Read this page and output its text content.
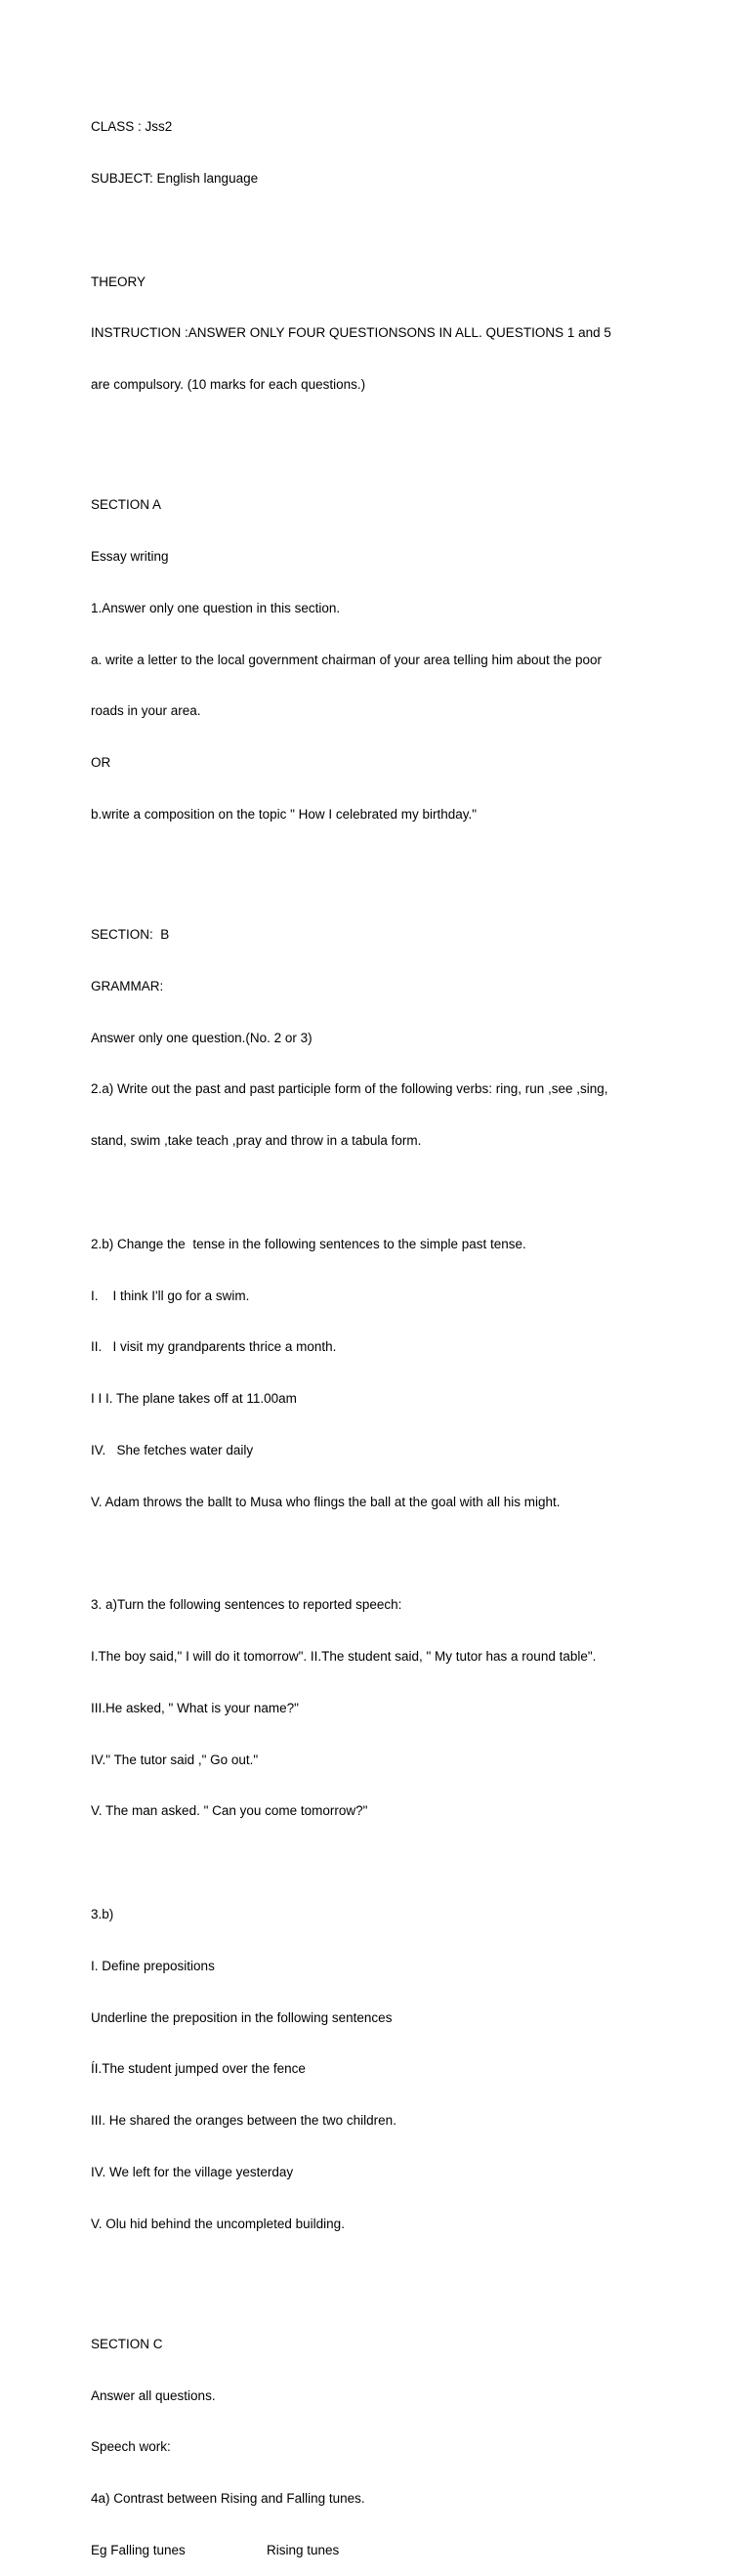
CLASS : Jss2

SUBJECT: English language

THEORY

INSTRUCTION :ANSWER ONLY FOUR QUESTIONSONS IN ALL. QUESTIONS 1 and 5

are compulsory. (10 marks for each questions.)

SECTION A

Essay writing

1.Answer only one question in this section.

a. write a letter to the local government chairman of your area telling him about the poor

roads in your area.

OR

b.write a composition on the topic " How I celebrated my birthday."

SECTION:  B

GRAMMAR:

Answer only one question.(No. 2 or 3)

2.a) Write out the past and past participle form of the following verbs: ring, run ,see ,sing,

stand, swim ,take teach ,pray and throw in a tabula form.

2.b) Change the  tense in the following sentences to the simple past tense.

I.    I think I'll go for a swim.

II.   I visit my grandparents thrice a month.

I I I. The plane takes off at 11.00am

IV.   She fetches water daily

V. Adam throws the ballt to Musa who flings the ball at the goal with all his might.

3. a)Turn the following sentences to reported speech:

I.The boy said," I will do it tomorrow". II.The student said, " My tutor has a round table".

III.He asked, " What is your name?"

IV." The tutor said ," Go out."

V. The man asked. " Can you come tomorrow?"

3.b)

I. Define prepositions

Underline the preposition in the following sentences

ÍI.The student jumped over the fence

III. He shared the oranges between the two children.

IV. We left for the village yesterday

V. Olu hid behind the uncompleted building.

SECTION C

Answer all questions.

Speech work:

4a) Contrast between Rising and Falling tunes.

Eg Falling tunes	Rising tunes
